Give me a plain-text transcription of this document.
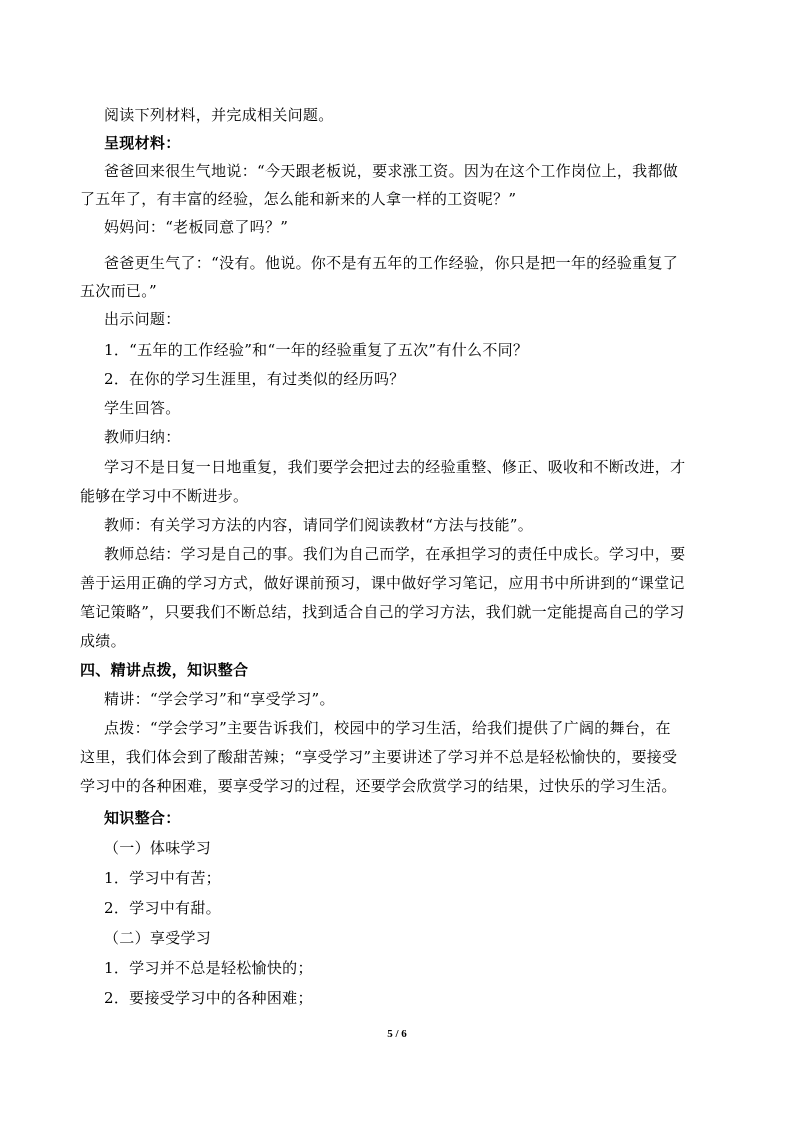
阅读下列材料，并完成相关问题。
呈现材料：
爸爸回来很生气地说：“今天跟老板说，要求涨工资。因为在这个工作岗位上，我都做
了五年了，有丰富的经验，怎么能和新来的人拿一样的工资呢？”
妈妈问：“老板同意了吗？”
爸爸更生气了：“没有。他说。你不是有五年的工作经验，你只是把一年的经验重复了
五次而已。”
出示问题：
1．“五年的工作经验”和“一年的经验重复了五次”有什么不同？
2．在你的学习生涯里，有过类似的经历吗？
学生回答。
教师归纳：
学习不是日复一日地重复，我们要学会把过去的经验重整、修正、吸收和不断改进，才
能够在学习中不断进步。
教师：有关学习方法的内容，请同学们阅读教材“方法与技能”。
教师总结：学习是自己的事。我们为自己而学，在承担学习的责任中成长。学习中，要
善于运用正确的学习方式，做好课前预习，课中做好学习笔记，应用书中所讲到的“课堂记
笔记策略”，只要我们不断总结，找到适合自己的学习方法，我们就一定能提高自己的学习
成绩。
四、精讲点拨，知识整合
精讲：“学会学习”和“享受学习”。
点拨：“学会学习”主要告诉我们，校园中的学习生活，给我们提供了广阔的舞台，在
这里，我们体会到了酸甜苦辣；“享受学习”主要讲述了学习并不总是轻松愉快的，要接受
学习中的各种困难，要享受学习的过程，还要学会欣赏学习的结果，过快乐的学习生活。
知识整合：
（一）体味学习
1．学习中有苦；
2．学习中有甜。
（二）享受学习
1．学习并不总是轻松愉快的；
2．要接受学习中的各种困难；
5 / 6
